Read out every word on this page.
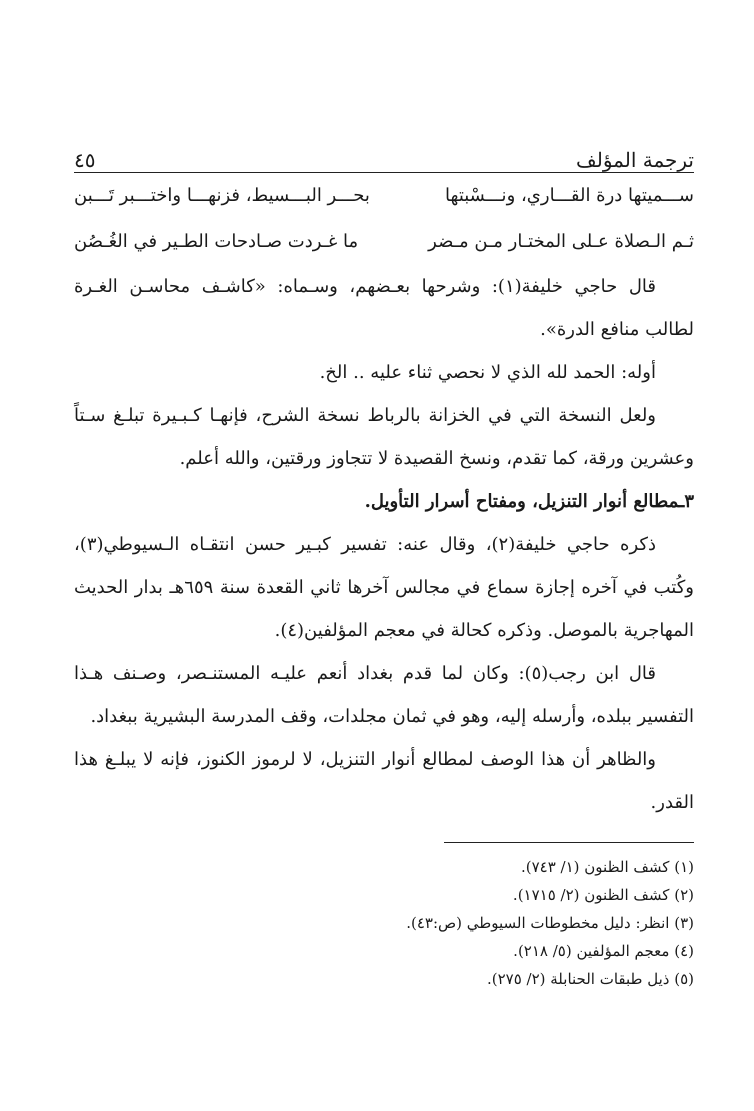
ترجمة المؤلف
٤٥
ســـميتها درة القـــاري، ونـــسْبتها
بحـــر البـــسيط، فزنهـــا واختـــبر تَـــبن
ثـم الـصلاة عـلى المختـار مـن مـضر
ما غـردت صـادحات الطـير في الغُـصُن

قال حاجي خليفة(١): وشرحها بعـضهم، وسـماه: «كاشـف محاسـن الغـرة لطالب منافع الدرة».

أوله: الحمد لله الذي لا نحصي ثناء عليه .. الخ.

ولعل النسخة التي في الخزانة بالرباط نسخة الشرح، فإنهـا كـبـيرة تبلـغ سـتاً وعشرين ورقة، كما تقدم، ونسخ القصيدة لا تتجاوز ورقتين، والله أعلم.

٣ـمطالع أنوار التنزيل، ومفتاح أسرار التأويل.

ذكره حاجي خليفة(٢)، وقال عنه: تفسير كبـير حسن انتقـاه الـسيوطي(٣)، وكُتب في آخره إجازة سماع في مجالس آخرها ثاني القعدة سنة ٦٥٩هـ بدار الحديث المهاجرية بالموصل. وذكره كحالة في معجم المؤلفين(٤).

قال ابن رجب(٥): وكان لما قدم بغداد أنعم عليـه المستنـصر، وصـنف هـذا التفسير ببلده، وأرسله إليه، وهو في ثمان مجلدات، وقف المدرسة البشيرية ببغداد.

والظاهر أن هذا الوصف لمطالع أنوار التنزيل، لا لرموز الكنوز، فإنه لا يبلـغ هذا القدر.

(١) كشف الظنون (١/ ٧٤٣).
(٢) كشف الظنون (٢/ ١٧١٥).
(٣) انظر: دليل مخطوطات السيوطي (ص:٤٣).
(٤) معجم المؤلفين (٥/ ٢١٨).
(٥) ذيل طبقات الحنابلة (٢/ ٢٧٥).
